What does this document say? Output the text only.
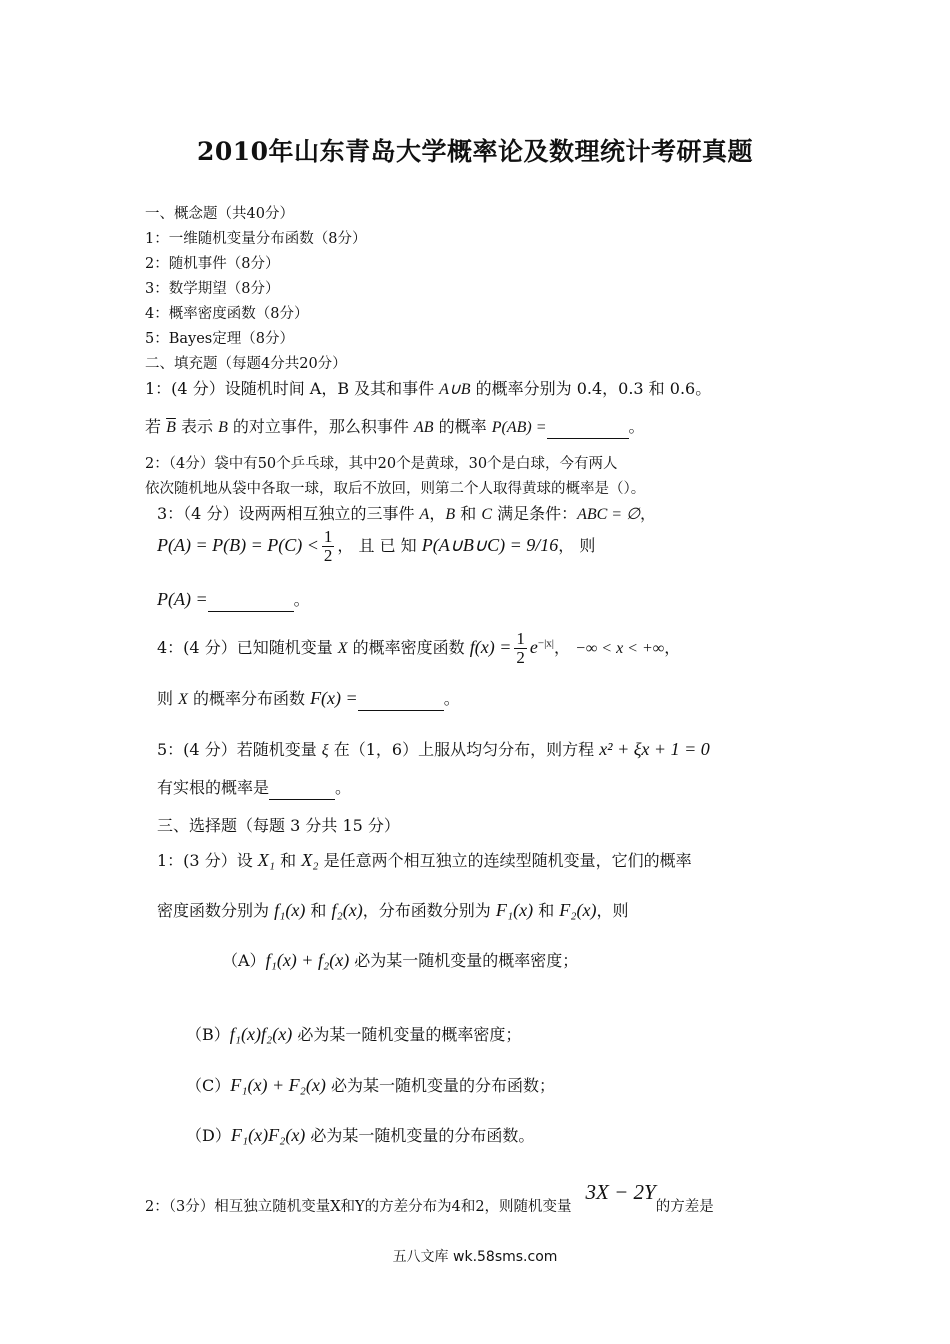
2010年山东青岛大学概率论及数理统计考研真题
一、概念题（共40分）
1：一维随机变量分布函数（8分）
2：随机事件（8分）
3：数学期望（8分）
4：概率密度函数（8分）
5：Bayes定理（8分）
二、填充题（每题4分共20分）
1：(4 分）设随机时间 A，B 及其和事件 A∪B 的概率分别为 0.4，0.3 和 0.6。
若 $\overline{B}$ 表示 B 的对立事件，那么积事件 AB 的概率 P(AB) =	。
2：（4分）袋中有50个乒乓球，其中20个是黄球，30个是白球，今有两人
依次随机地从袋中各取一球，取后不放回，则第二个人取得黄球的概率是（）。
3：（4 分）设两两相互独立的三事件 A，B 和 C 满足条件：ABC = ∅，
$P(A) = P(B) = P(C) < \frac{1}{2}$ ， 且 已 知 P(A∪B∪C) = 9/16， 则
P(A) =	。
4：(4 分）已知随机变量 X 的概率密度函数 $f(x) = \frac{1}{2} e^{-|x|}$， −∞ < x < +∞，
则 X 的概率分布函数 F(x) =	。
5：(4 分）若随机变量 ξ 在（1，6）上服从均匀分布，则方程 x² + ξx + 1 = 0
有实根的概率是	。
三、选择题（每题 3 分共 15 分）
1：(3 分）设 X₁ 和 X₂ 是任意两个相互独立的连续型随机变量，它们的概率
密度函数分别为 f₁(x) 和 f₂(x)，分布函数分别为 F₁(x) 和 F₂(x)，则
（A）f₁(x) + f₂(x) 必为某一随机变量的概率密度；
（B）f₁(x)f₂(x) 必为某一随机变量的概率密度；
（C）F₁(x) + F₂(x) 必为某一随机变量的分布函数；
（D）F₁(x)F₂(x) 必为某一随机变量的分布函数。
2：（3分）相互独立随机变量X和Y的方差分布为4和2，则随机变量3X − 2Y的方差是
五八文库 wk.58sms.com
